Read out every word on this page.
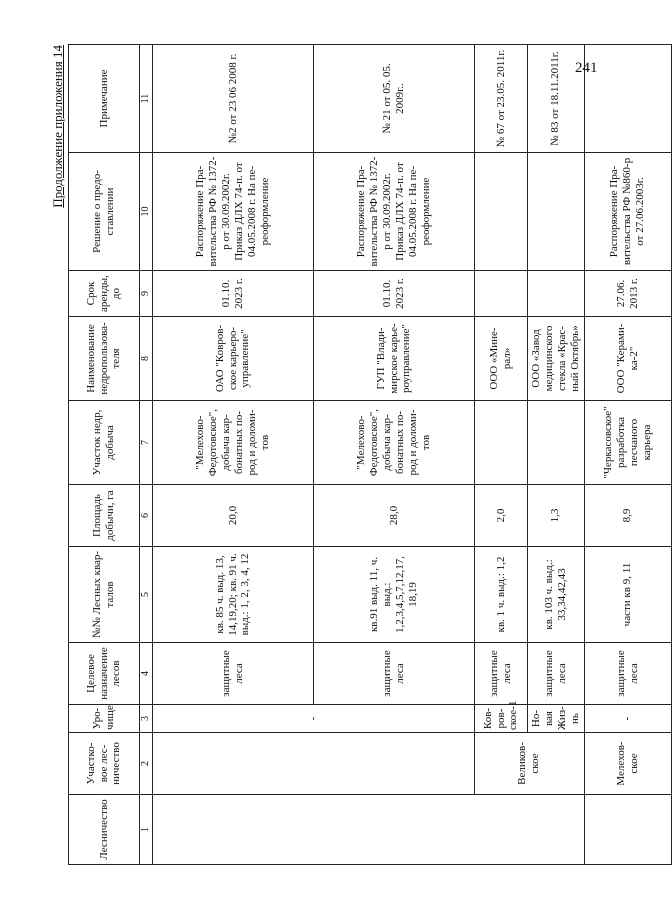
241
Продолжение приложения 14
Лесничество	Участко-вое лес-ничество	Уро-чище	Целевое назначение лесов	№№ Лесных квар-талов	Площадь добычи, га	Участок недр, добыча	Наименование недропользова-теля	Срок аренды, до	Решение о предо-ставлении	Примечание
1	2	3	4	5	6	7	8	9	10	11
		-	защитные леса	кв. 85 ч. выд. 13, 14,19,20; кв. 91 ч. выд.: 1, 2, 3, 4, 12	20,0	"Мелехово-Федотовское", добыча кар-бонатных по-род и доломи-тов	ОАО "Ковров-ское карьеро-управление"	01.10. 2023 г.	Распоряжение Пра-вительства РФ № 1372-р от 30.09.2002г. Приказ ДЛХ 74-п. от 04.05.2008 г. На пе-реоформление	№2 от 23 06 2008 г.
			защитные леса	кв.91 выд. 11, ч. выд.: 1,2,3,4,5,7,12,17, 18,19	28,0	"Мелехово-Федотовское", добыча кар-бонатных по-род и доломи-тов	ГУП "Влади-мирское карье-роуправление"	01.10. 2023 г.	Распоряжение Пра-вительства РФ № 1372-р от 30.09.2002г. Приказ ДЛХ 74-п. от 04.05.2008 г. На пе-реоформление	№ 21 от 05. 05. 2009г..
	Великов-ское	Ков-ров-ское-1	защитные леса	кв. 1 ч. выд.: 1,2	2,0		ООО «Мине-рал»			№ 67 от 23.05. 2011г.
		Но-вая Жиз-нь	защитные леса	кв. 103 ч. выд.: 33,34,42,43	1,3		ООО «Завод медицинского стекла «Крас-ный Октябрь»			№ 83 от 18.11.2011г.
	Мелехов-ское	-	защитные леса	части кв 9, 11	8,9	"Черкасовское" разработка песчаного карьера	ООО "Керами-ка-2"	27.06. 2013 г.	Распоряжение Пра-вительства РФ №860-р от 27.06.2003г.	
